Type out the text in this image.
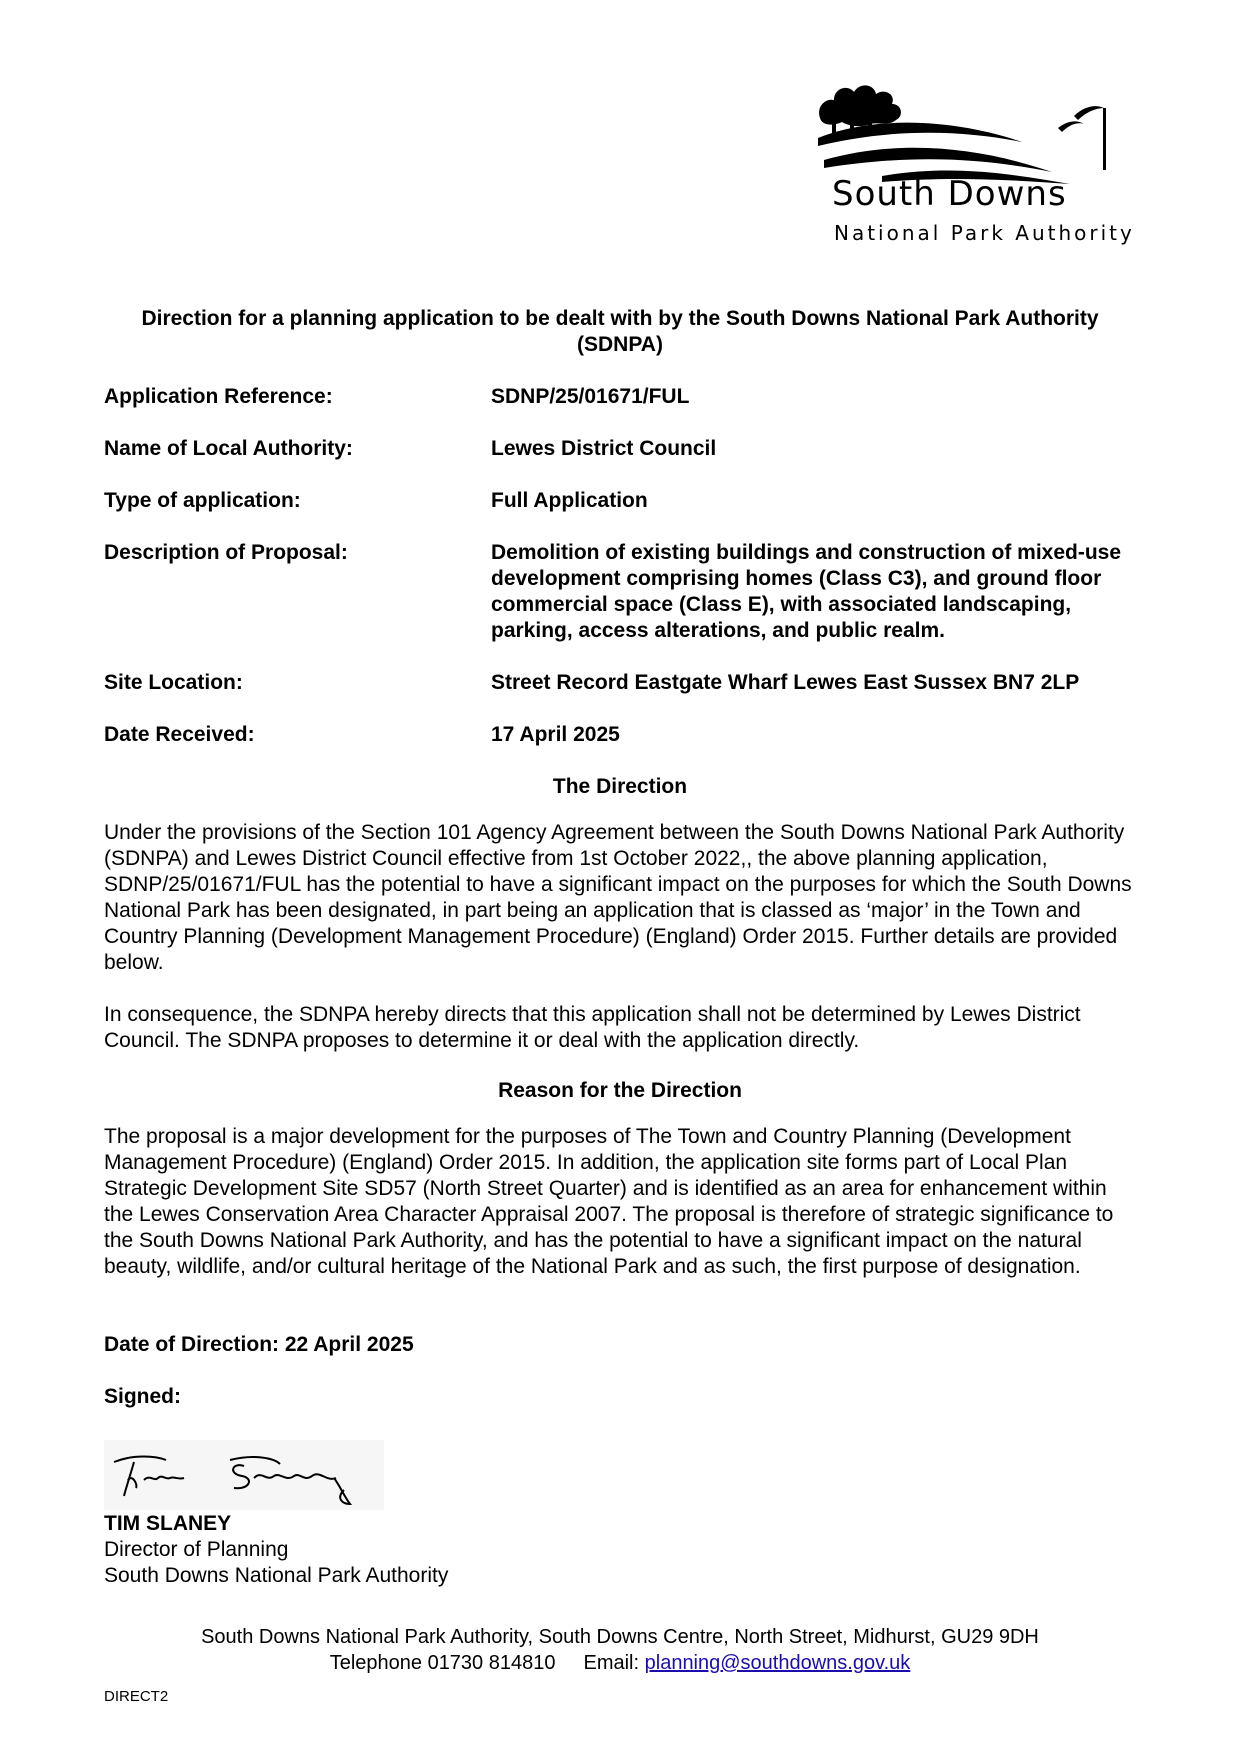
South Downs
National Park Authority
Direction for a planning application to be dealt with by the South Downs National Park Authority (SDNPA)
Application Reference:	SDNP/25/01671/FUL
Name of Local Authority:	Lewes District Council
Type of application:	Full Application
Description of Proposal:	Demolition of existing buildings and construction of mixed-use development comprising homes (Class C3), and ground floor commercial space (Class E), with associated landscaping, parking, access alterations, and public realm.
Site Location:	Street Record Eastgate Wharf Lewes East Sussex BN7 2LP
Date Received:	17 April 2025
The Direction
Under the provisions of the Section 101 Agency Agreement between the South Downs National Park Authority (SDNPA) and Lewes District Council effective from 1st October 2022,, the above planning application, SDNP/25/01671/FUL has the potential to have a significant impact on the purposes for which the South Downs National Park has been designated, in part being an application that is classed as ‘major’ in the Town and Country Planning (Development Management Procedure) (England) Order 2015. Further details are provided below.
In consequence, the SDNPA hereby directs that this application shall not be determined by Lewes District Council. The SDNPA proposes to determine it or deal with the application directly.
Reason for the Direction
The proposal is a major development for the purposes of The Town and Country Planning (Development Management Procedure) (England) Order 2015. In addition, the application site forms part of Local Plan Strategic Development Site SD57 (North Street Quarter) and is identified as an area for enhancement within the Lewes Conservation Area Character Appraisal 2007. The proposal is therefore of strategic significance to the South Downs National Park Authority, and has the potential to have a significant impact on the natural beauty, wildlife, and/or cultural heritage of the National Park and as such, the first purpose of designation.
Date of Direction: 22 April 2025
Signed:
TIM SLANEY
Director of Planning
South Downs National Park Authority
South Downs National Park Authority, South Downs Centre, North Street, Midhurst, GU29 9DH
Telephone 01730 814810 Email: planning@southdowns.gov.uk
DIRECT2
